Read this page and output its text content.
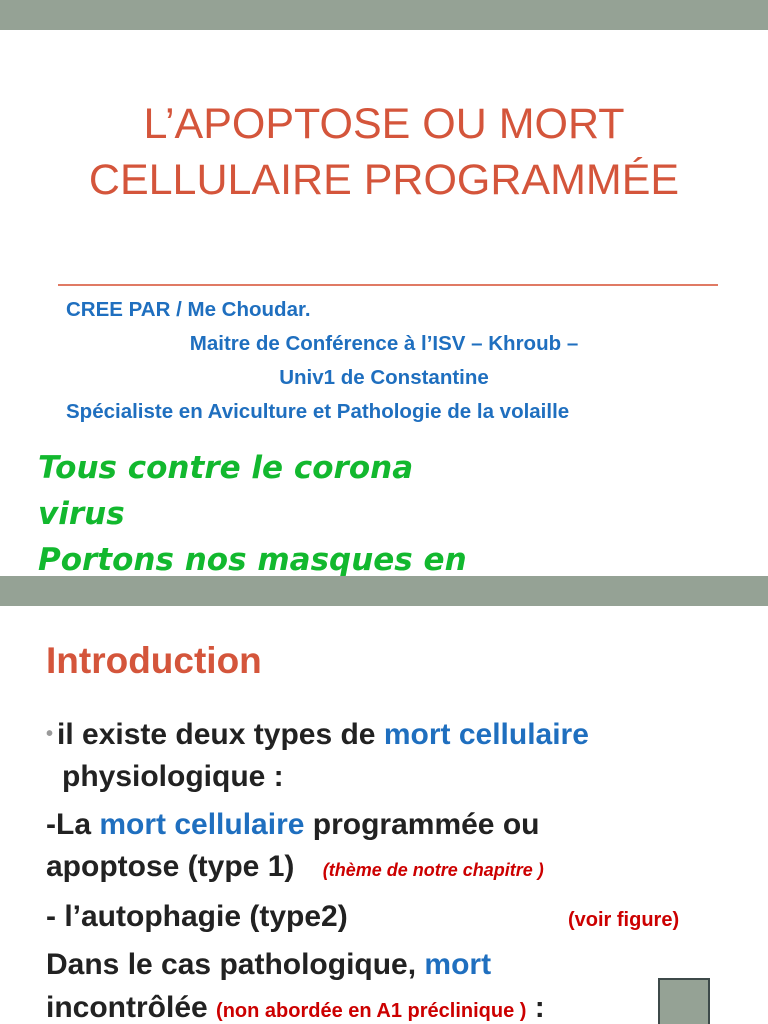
L’APOPTOSE OU MORT
CELLULAIRE PROGRAMMÉE
CREE PAR / Me Choudar.
Maitre de Conférence à l’ISV – Khroub –
Univ1 de Constantine
Spécialiste en Aviculture et Pathologie de la volaille
Tous contre le corona
virus
Portons nos masques en
Introduction
• il existe deux types de mort cellulaire
physiologique :
-La mort cellulaire programmée ou
apoptose (type 1) (thème de notre chapitre )
- l’autophagie (type2)	(voir figure)
Dans le cas pathologique, mort
incontrôlée (non abordée en A1 préclinique ) :
